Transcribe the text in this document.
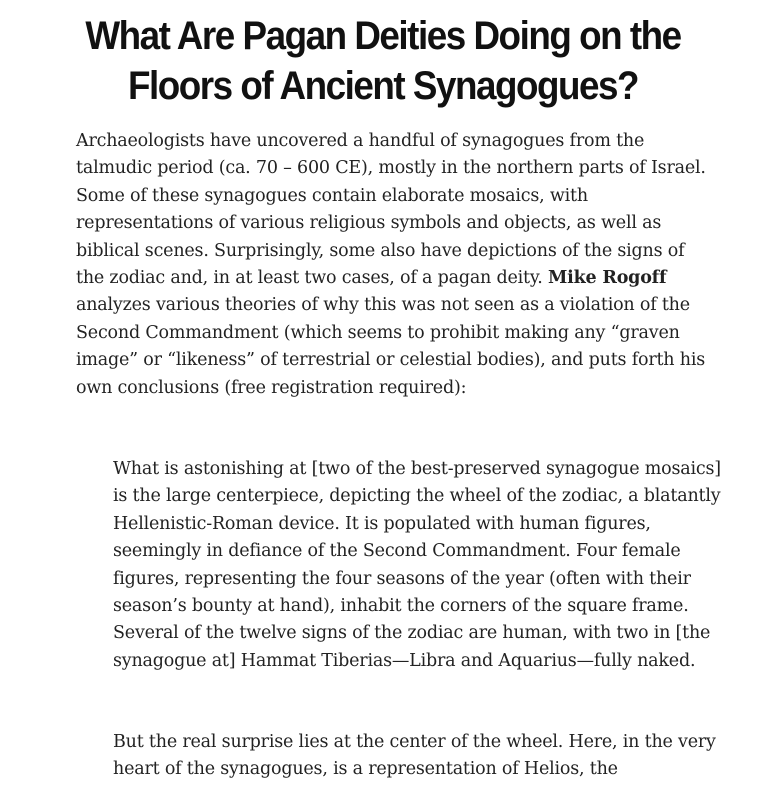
What Are Pagan Deities Doing on the
Floors of Ancient Synagogues?

Archaeologists have uncovered a handful of synagogues from the talmudic period (ca. 70 – 600 CE), mostly in the northern parts of Israel. Some of these synagogues contain elaborate mosaics, with representations of various religious symbols and objects, as well as biblical scenes. Surprisingly, some also have depictions of the signs of the zodiac and, in at least two cases, of a pagan deity. Mike Rogoff analyzes various theories of why this was not seen as a violation of the Second Commandment (which seems to prohibit making any “graven image” or “likeness” of terrestrial or celestial bodies), and puts forth his own conclusions (free registration required):

What is astonishing at [two of the best-preserved synagogue mosaics] is the large centerpiece, depicting the wheel of the zodiac, a blatantly Hellenistic-Roman device. It is populated with human figures, seemingly in defiance of the Second Commandment. Four female figures, representing the four seasons of the year (often with their season’s bounty at hand), inhabit the corners of the square frame. Several of the twelve signs of the zodiac are human, with two in [the synagogue at] Hammat Tiberias—Libra and Aquarius—fully naked.
But the real surprise lies at the center of the wheel. Here, in the very heart of the synagogues, is a representation of Helios, the
